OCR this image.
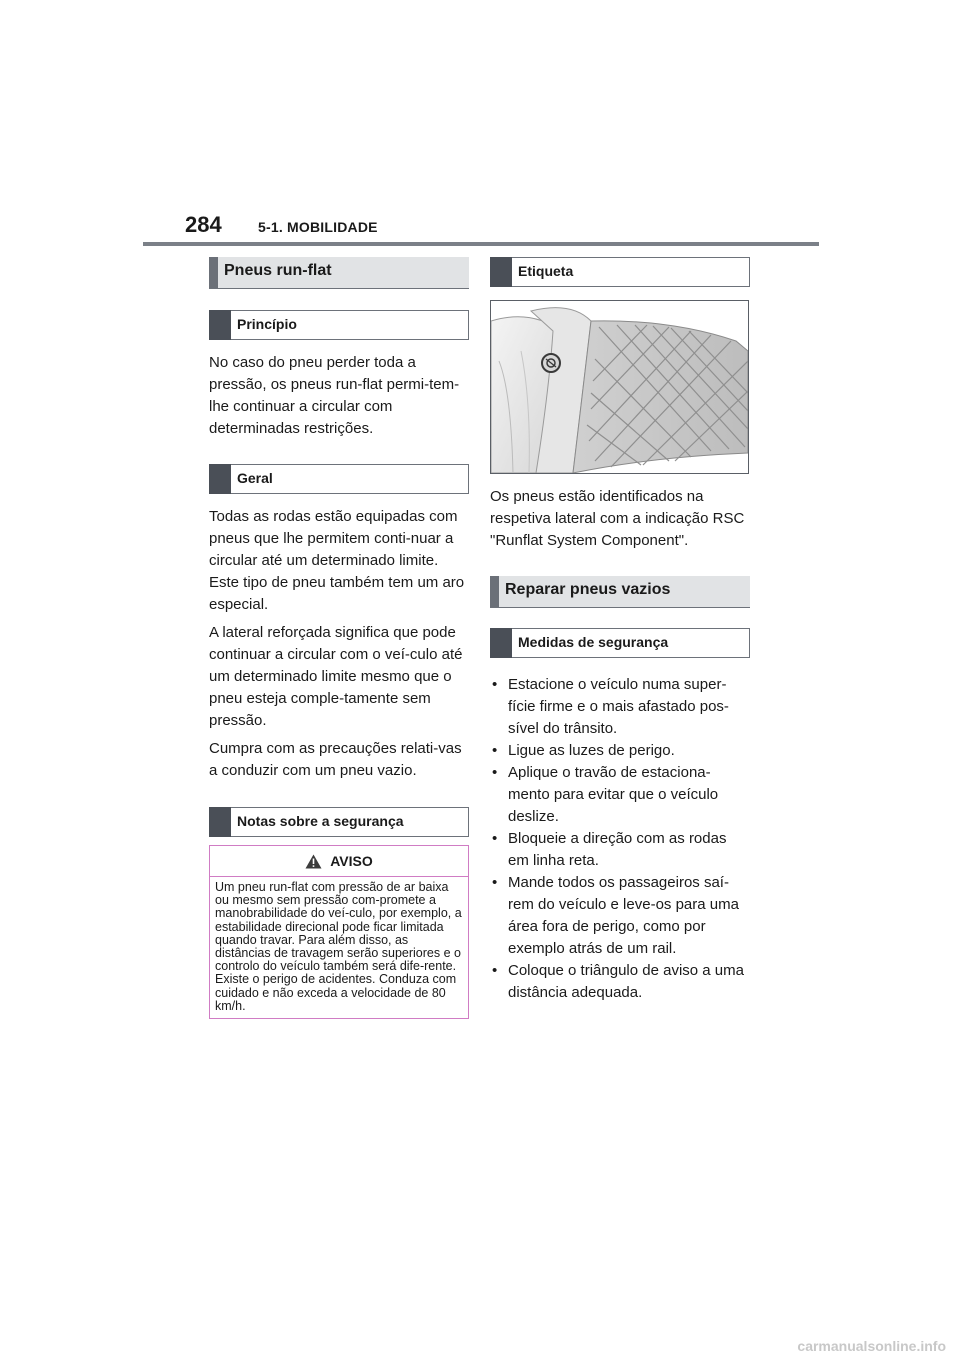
284	5-1. MOBILIDADE
Pneus run-flat
Princípio

No caso do pneu perder toda a pressão, os pneus run-flat permi-tem-lhe continuar a circular com determinadas restrições.

Geral

Todas as rodas estão equipadas com pneus que lhe permitem conti-nuar a circular até um determinado limite. Este tipo de pneu também tem um aro especial.

A lateral reforçada significa que pode continuar a circular com o veí-culo até um determinado limite mesmo que o pneu esteja comple-tamente sem pressão.

Cumpra com as precauções relati-vas a conduzir com um pneu vazio.

Notas sobre a segurança
AVISO

Um pneu run-flat com pressão de ar baixa ou mesmo sem pressão com-promete a manobrabilidade do veí-culo, por exemplo, a estabilidade direcional pode ficar limitada quando travar. Para além disso, as distâncias de travagem serão superiores e o controlo do veículo também será dife-rente. Existe o perigo de acidentes. Conduza com cuidado e não exceda a velocidade de 80 km/h.

Etiqueta

Os pneus estão identificados na respetiva lateral com a indicação RSC "Runflat System Component".

Reparar pneus vazios
Medidas de segurança
• Estacione o veículo numa super-fície firme e o mais afastado pos-sível do trânsito.
• Ligue as luzes de perigo.
• Aplique o travão de estaciona-mento para evitar que o veículo deslize.
• Bloqueie a direção com as rodas em linha reta.
• Mande todos os passageiros saí-rem do veículo e leve-os para uma área fora de perigo, como por exemplo atrás de um rail.
• Coloque o triângulo de aviso a uma distância adequada.
carmanualsonline.info
